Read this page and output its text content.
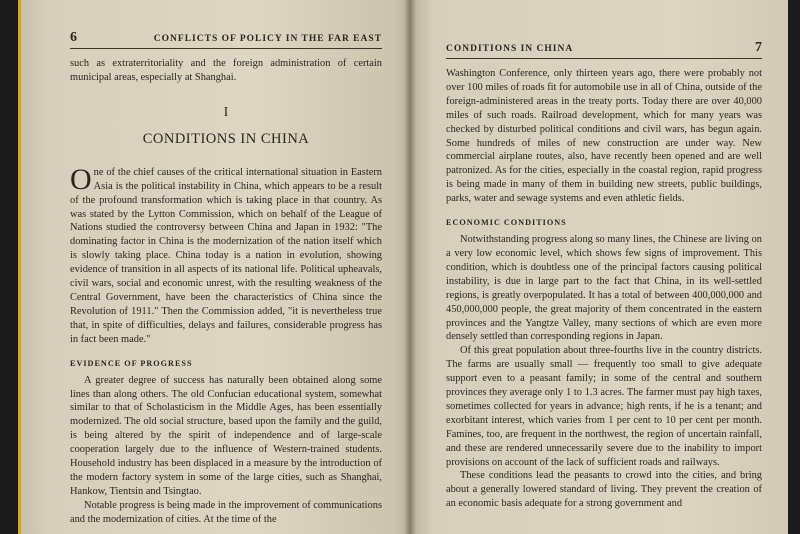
6	CONFLICTS OF POLICY IN THE FAR EAST

such as extraterritoriality and the foreign administration of certain municipal areas, especially at Shanghai.

I
CONDITIONS IN CHINA

One of the chief causes of the critical international situation in Eastern Asia is the political instability in China, which appears to be a result of the profound transformation which is taking place in that country. As was stated by the Lytton Commission, which on behalf of the League of Nations studied the controversy between China and Japan in 1932: "The dominating factor in China is the modernization of the nation itself which is slowly taking place. China today is a nation in evolution, showing evidence of transition in all aspects of its national life. Political upheavals, civil wars, social and economic unrest, with the resulting weakness of the Central Government, have been the characteristics of China since the Revolution of 1911." Then the Commission added, "it is nevertheless true that, in spite of difficulties, delays and failures, considerable progress has in fact been made."

EVIDENCE OF PROGRESS

A greater degree of success has naturally been obtained along some lines than along others. The old Confucian educational system, somewhat similar to that of Scholasticism in the Middle Ages, has been essentially modernized. The old social structure, based upon the family and the guild, is being altered by the spirit of independence and of large-scale cooperation largely due to the influence of Western-trained students. Household industry has been displaced in a measure by the introduction of the modern factory system in some of the large cities, such as Shanghai, Hankow, Tientsin and Tsingtao.

Notable progress is being made in the improvement of communications and the modernization of cities. At the time of the

CONDITIONS IN CHINA	7

Washington Conference, only thirteen years ago, there were probably not over 100 miles of roads fit for automobile use in all of China, outside of the foreign-administered areas in the treaty ports. Today there are over 40,000 miles of such roads. Railroad development, which for many years was checked by disturbed political conditions and civil wars, has begun again. Some hundreds of miles of new construction are under way. New commercial airplane routes, also, have recently been opened and are well patronized. As for the cities, especially in the coastal region, rapid progress is being made in many of them in building new streets, public buildings, parks, water and sewage systems and even athletic fields.

ECONOMIC CONDITIONS

Notwithstanding progress along so many lines, the Chinese are living on a very low economic level, which shows few signs of improvement. This condition, which is doubtless one of the principal factors causing political instability, is due in large part to the fact that China, in its well-settled regions, is greatly overpopulated. It has a total of between 400,000,000 and 450,000,000 people, the great majority of them concentrated in the eastern provinces and the Yangtze Valley, many sections of which are even more densely settled than corresponding regions in Japan.

Of this great population about three-fourths live in the country districts. The farms are usually small — frequently too small to give adequate support even to a peasant family; in some of the central and southern provinces they average only 1 to 1.3 acres. The farmer must pay high taxes, sometimes collected for years in advance; high rents, if he is a tenant; and exorbitant interest, which varies from 1 per cent to 10 per cent per month. Famines, too, are frequent in the northwest, the region of uncertain rainfall, and these are rendered unnecessarily severe due to the inability to import provisions on account of the lack of sufficient roads and railways.

These conditions lead the peasants to crowd into the cities, and bring about a generally lowered standard of living. They prevent the creation of an economic basis adequate for a strong government and
